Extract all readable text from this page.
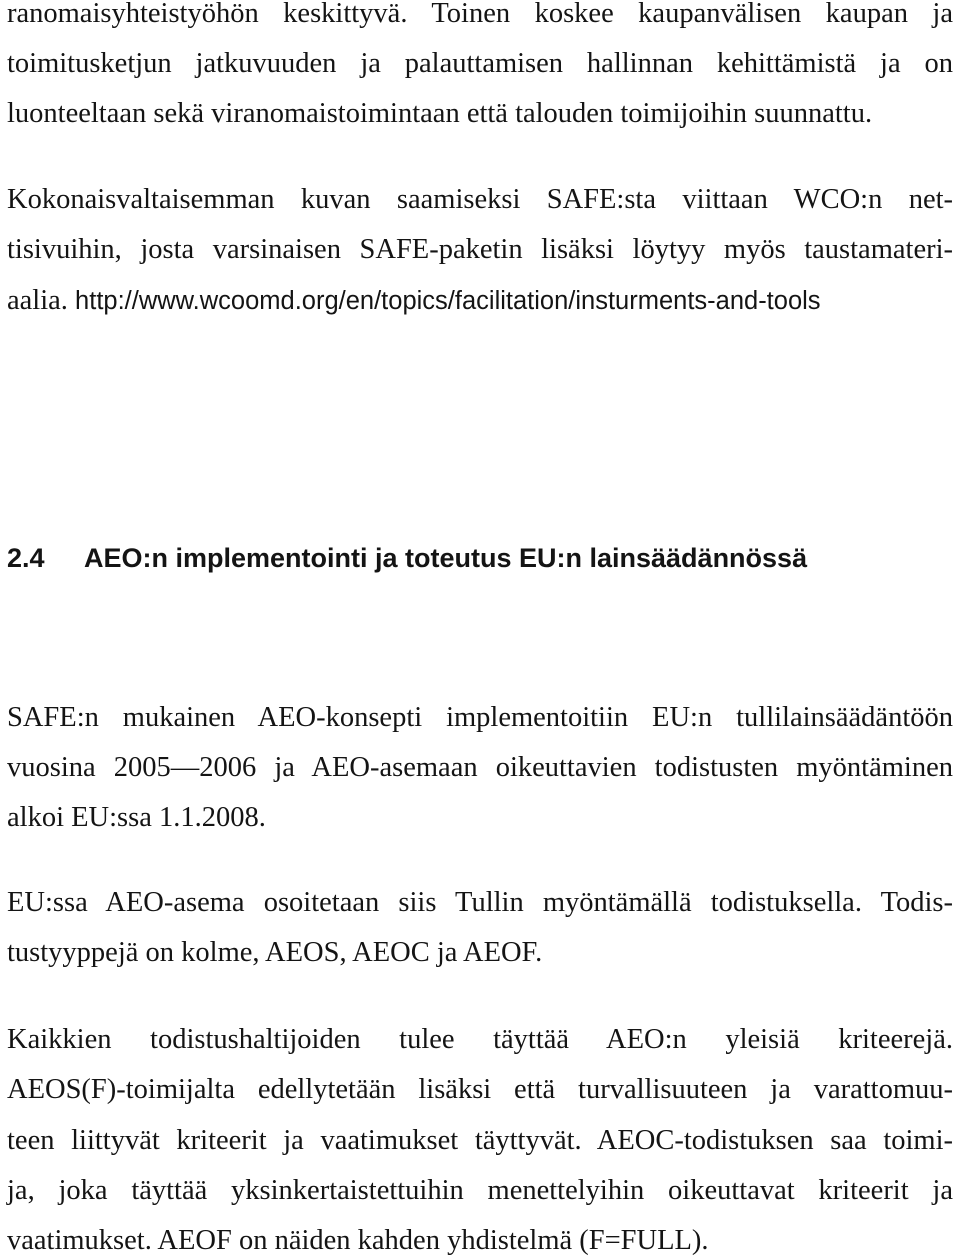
ranomaisyhteistyöhön keskittyvä. Toinen koskee kaupanvälisen kaupan ja
toimitusketjun jatkuvuuden ja palauttamisen hallinnan kehittämistä ja on
luonteeltaan sekä viranomaistoimintaan että talouden toimijoihin suunnattu.
Kokonaisvaltaisemman kuvan saamiseksi SAFE:sta viittaan WCO:n net-
tisivuihin, josta varsinaisen SAFE-paketin lisäksi löytyy myös taustamateri-
aalia. http://www.wcoomd.org/en/topics/facilitation/insturments-and-tools
2.4 AEO:n implementointi ja toteutus EU:n lainsäädännössä
SAFE:n mukainen AEO-konsepti implementoitiin EU:n tullilainsäädäntöön
vuosina 2005—2006 ja AEO-asemaan oikeuttavien todistusten myöntäminen
alkoi EU:ssa 1.1.2008.
EU:ssa AEO-asema osoitetaan siis Tullin myöntämällä todistuksella. Todis-
tustyyppejä on kolme, AEOS, AEOC ja AEOF.
Kaikkien todistushaltijoiden tulee täyttää AEO:n yleisiä kriteerejä.
AEOS(F)-toimijalta edellytetään lisäksi että turvallisuuteen ja varattomuu-
teen liittyvät kriteerit ja vaatimukset täyttyvät. AEOC-todistuksen saa toimi-
ja, joka täyttää yksinkertaistettuihin menettelyihin oikeuttavat kriteerit ja
vaatimukset. AEOF on näiden kahden yhdistelmä (F=FULL).
